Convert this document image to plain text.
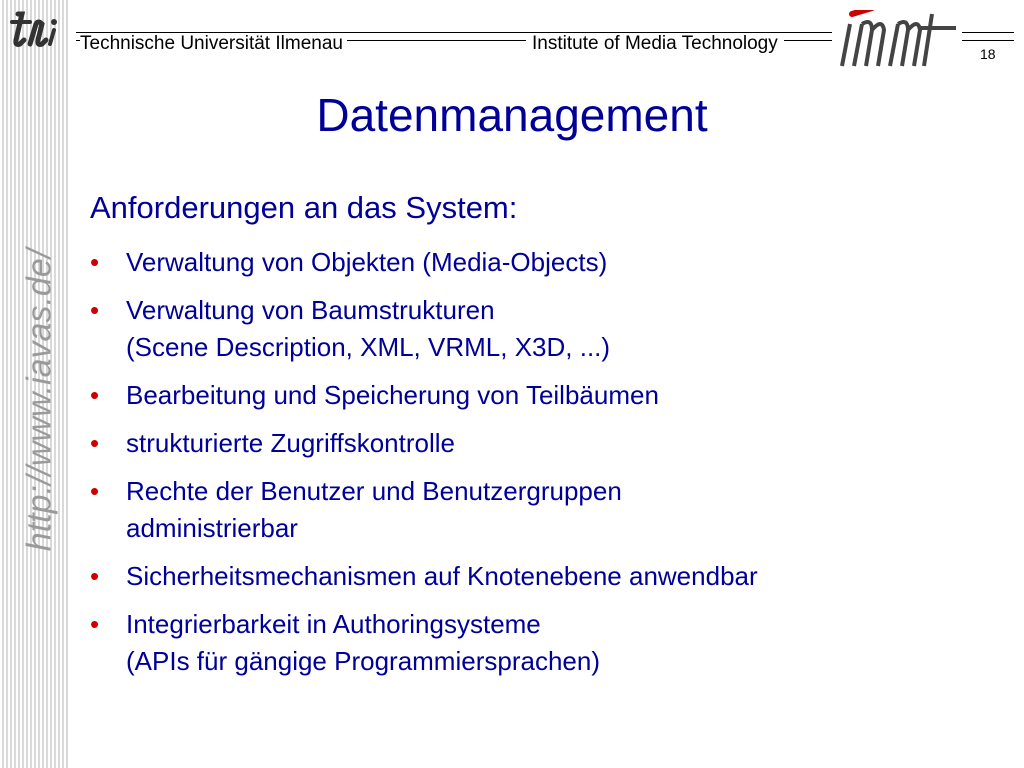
http://www.iavas.de/
Technische Universität Ilmenau	Institute of Media Technology	18
Datenmanagement
Anforderungen an das System:
• Verwaltung von Objekten (Media-Objects)
• Verwaltung von Baumstrukturen
(Scene Description, XML, VRML, X3D, ...)
• Bearbeitung und Speicherung von Teilbäumen
• strukturierte Zugriffskontrolle
• Rechte der Benutzer und Benutzergruppen
administrierbar
• Sicherheitsmechanismen auf Knotenebene anwendbar
• Integrierbarkeit in Authoringsysteme
(APIs für gängige Programmiersprachen)
